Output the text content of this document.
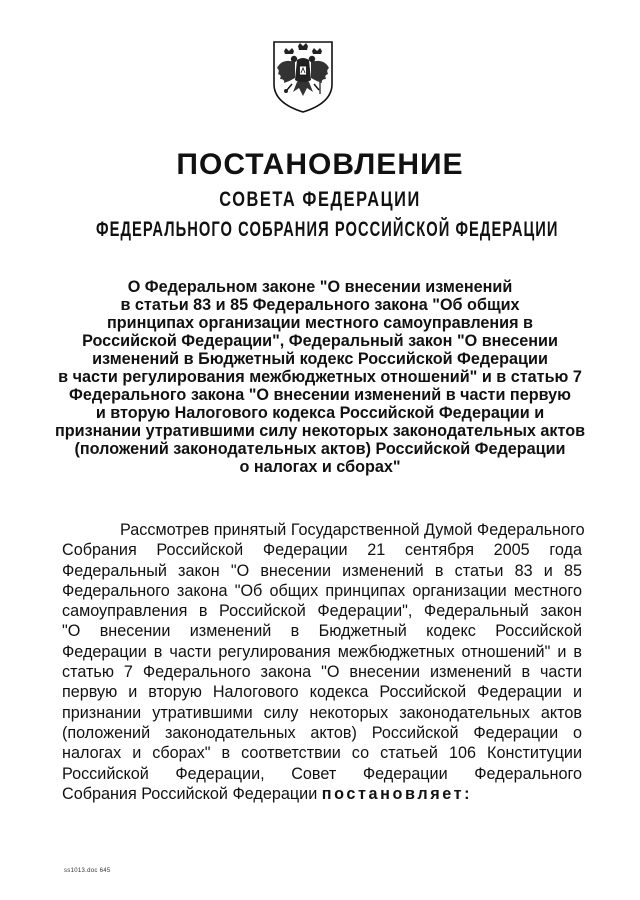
ПОСТАНОВЛЕНИЕ
СОВЕТА ФЕДЕРАЦИИ
ФЕДЕРАЛЬНОГО СОБРАНИЯ РОССИЙСКОЙ ФЕДЕРАЦИИ
О Федеральном законе "О внесении изменений
в статьи 83 и 85 Федерального закона "Об общих
принципах организации местного самоуправления в
Российской Федерации", Федеральный закон "О внесении
изменений в Бюджетный кодекс Российской Федерации
в части регулирования межбюджетных отношений" и в статью 7
Федерального закона "О внесении изменений в части первую
и вторую Налогового кодекса Российской Федерации и
признании утратившими силу некоторых законодательных актов
(положений законодательных актов) Российской Федерации
о налогах и сборах"
Рассмотрев принятый Государственной Думой Федерального
Собрания Российской Федерации 21 сентября 2005 года
Федеральный закон "О внесении изменений в статьи 83 и 85
Федерального закона "Об общих принципах организации местного
самоуправления в Российской Федерации", Федеральный закон
"О внесении изменений в Бюджетный кодекс Российской
Федерации в части регулирования межбюджетных отношений" и в
статью 7 Федерального закона "О внесении изменений в части
первую и вторую Налогового кодекса Российской Федерации и
признании утратившими силу некоторых законодательных актов
(положений законодательных актов) Российской Федерации о
налогах и сборах" в соответствии со статьей 106 Конституции
Российской Федерации, Совет Федерации Федерального
Собрания Российской Федерации постановляет:
ss1013.doc 645
